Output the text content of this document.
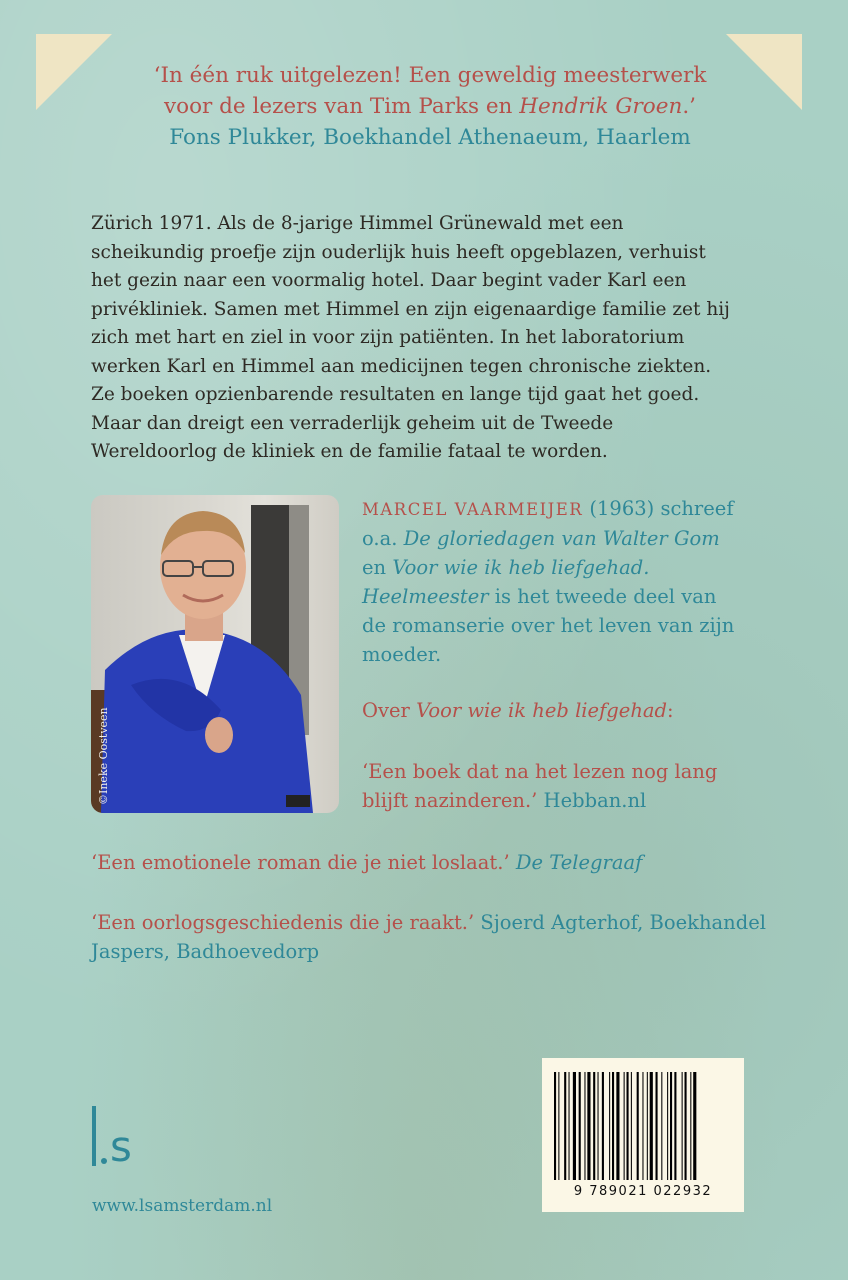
‘In één ruk uitgelezen! Een geweldig meesterwerk voor de lezers van Tim Parks en Hendrik Groen.’ Fons Plukker, Boekhandel Athenaeum, Haarlem

Zürich 1971. Als de 8-jarige Himmel Grünewald met een scheikundig proefje zijn ouderlijk huis heeft opgeblazen, verhuist het gezin naar een voormalig hotel. Daar begint vader Karl een privékliniek. Samen met Himmel en zijn eigenaardige familie zet hij zich met hart en ziel in voor zijn patiënten. In het laboratorium werken Karl en Himmel aan medicijnen tegen chronische ziekten. Ze boeken opzienbarende resultaten en lange tijd gaat het goed. Maar dan dreigt een verraderlijk geheim uit de Tweede Wereldoorlog de kliniek en de familie fataal te worden.

©Ineke Oostveen

MARCEL VAARMEIJER (1963) schreef o.a. De gloriedagen van Walter Gom en Voor wie ik heb liefgehad. Heelmeester is het tweede deel van de romanserie over het leven van zijn moeder.

Over Voor wie ik heb liefgehad:

‘Een boek dat na het lezen nog lang blijft nazinderen.’ Hebban.nl

‘Een emotionele roman die je niet loslaat.’ De Telegraaf

‘Een oorlogsgeschiedenis die je raakt.’ Sjoerd Agterhof, Boekhandel Jaspers, Badhoevedorp

s
www.lsamsterdam.nl
9 789021 022932
